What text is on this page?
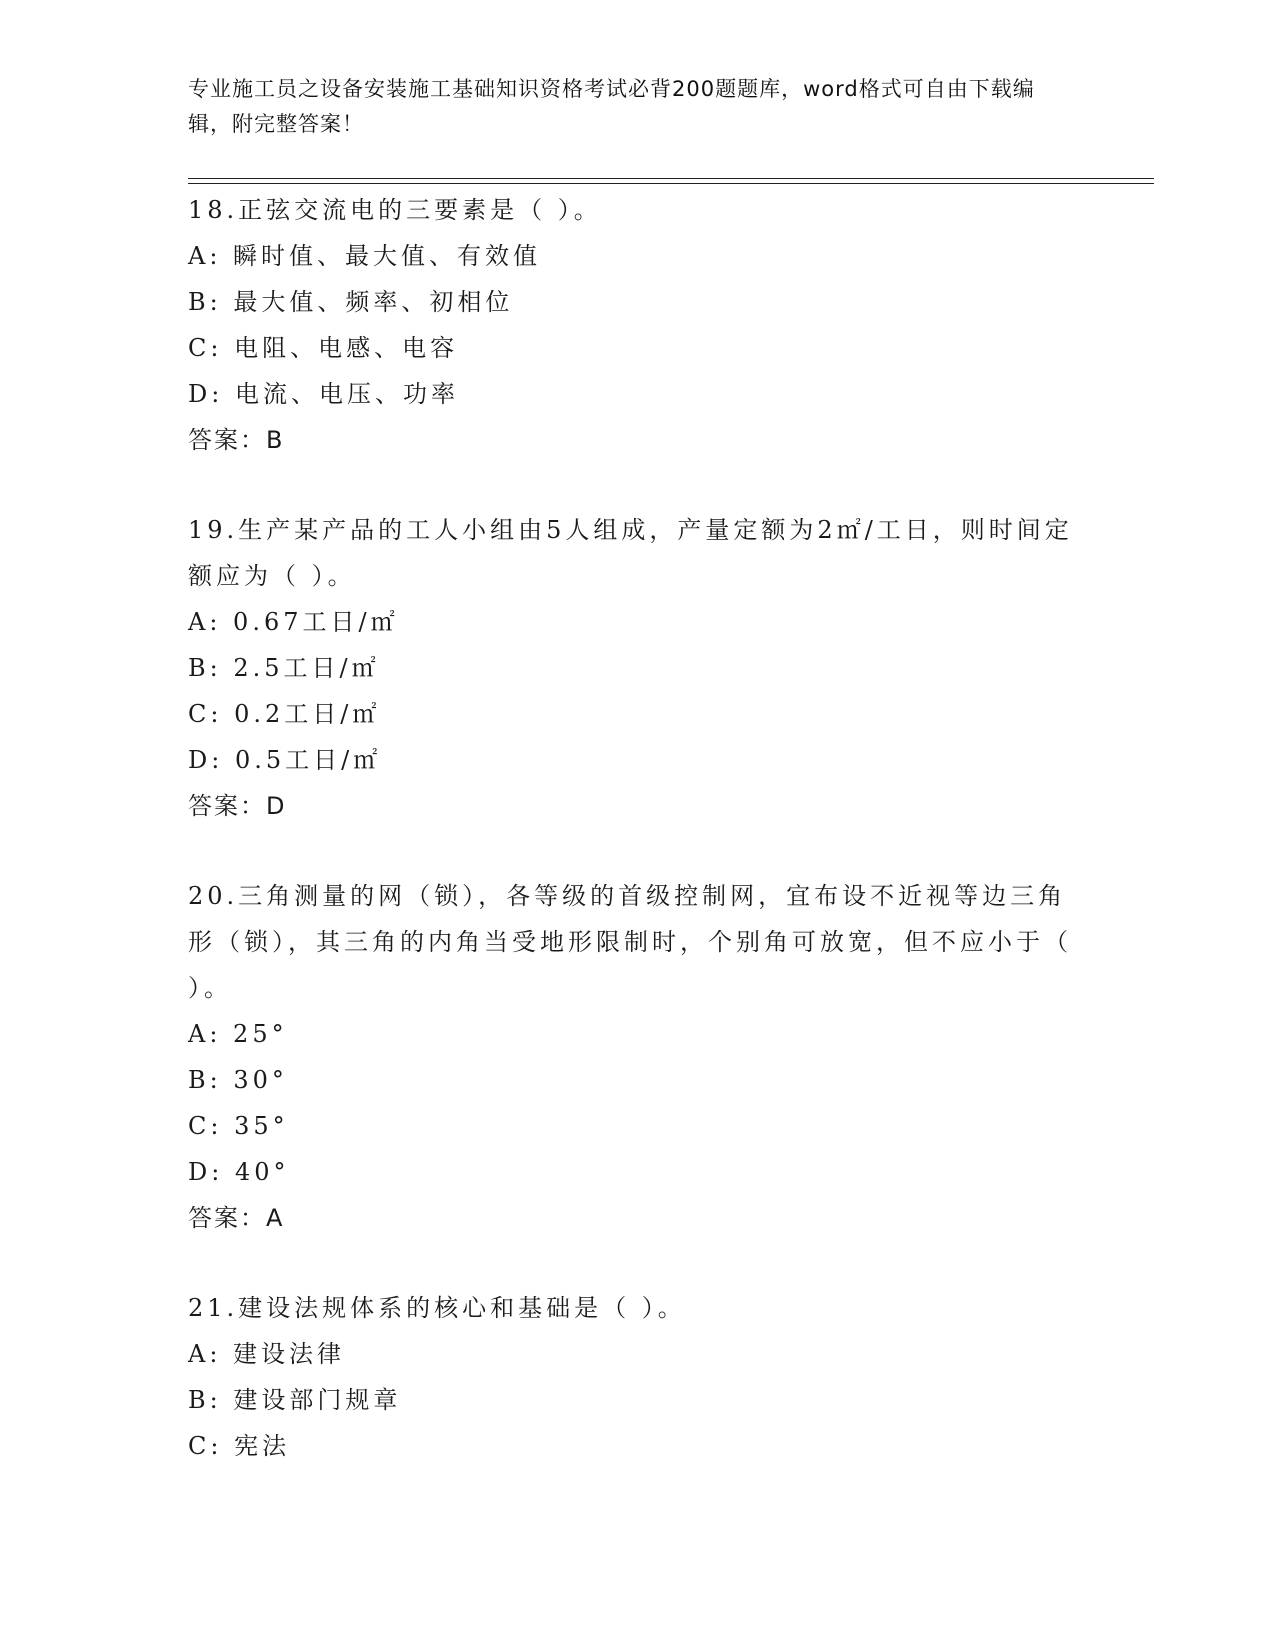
专业施工员之设备安装施工基础知识资格考试必背200题题库，word格式可自由下载编辑，附完整答案！
18.正弦交流电的三要素是（ ）。
A: 瞬时值、最大值、有效值
B: 最大值、频率、初相位
C: 电阻、电感、电容
D: 电流、电压、功率
答案：B
19.生产某产品的工人小组由5人组成，产量定额为2㎡/工日，则时间定额应为（ ）。
A: 0.67工日/㎡
B: 2.5工日/㎡
C: 0.2工日/㎡
D: 0.5工日/㎡
答案：D
20.三角测量的网（锁），各等级的首级控制网，宜布设不近视等边三角形（锁），其三角的内角当受地形限制时，个别角可放宽，但不应小于（ ）。
A: 25°
B: 30°
C: 35°
D: 40°
答案：A
21.建设法规体系的核心和基础是（ ）。
A: 建设法律
B: 建设部门规章
C: 宪法
